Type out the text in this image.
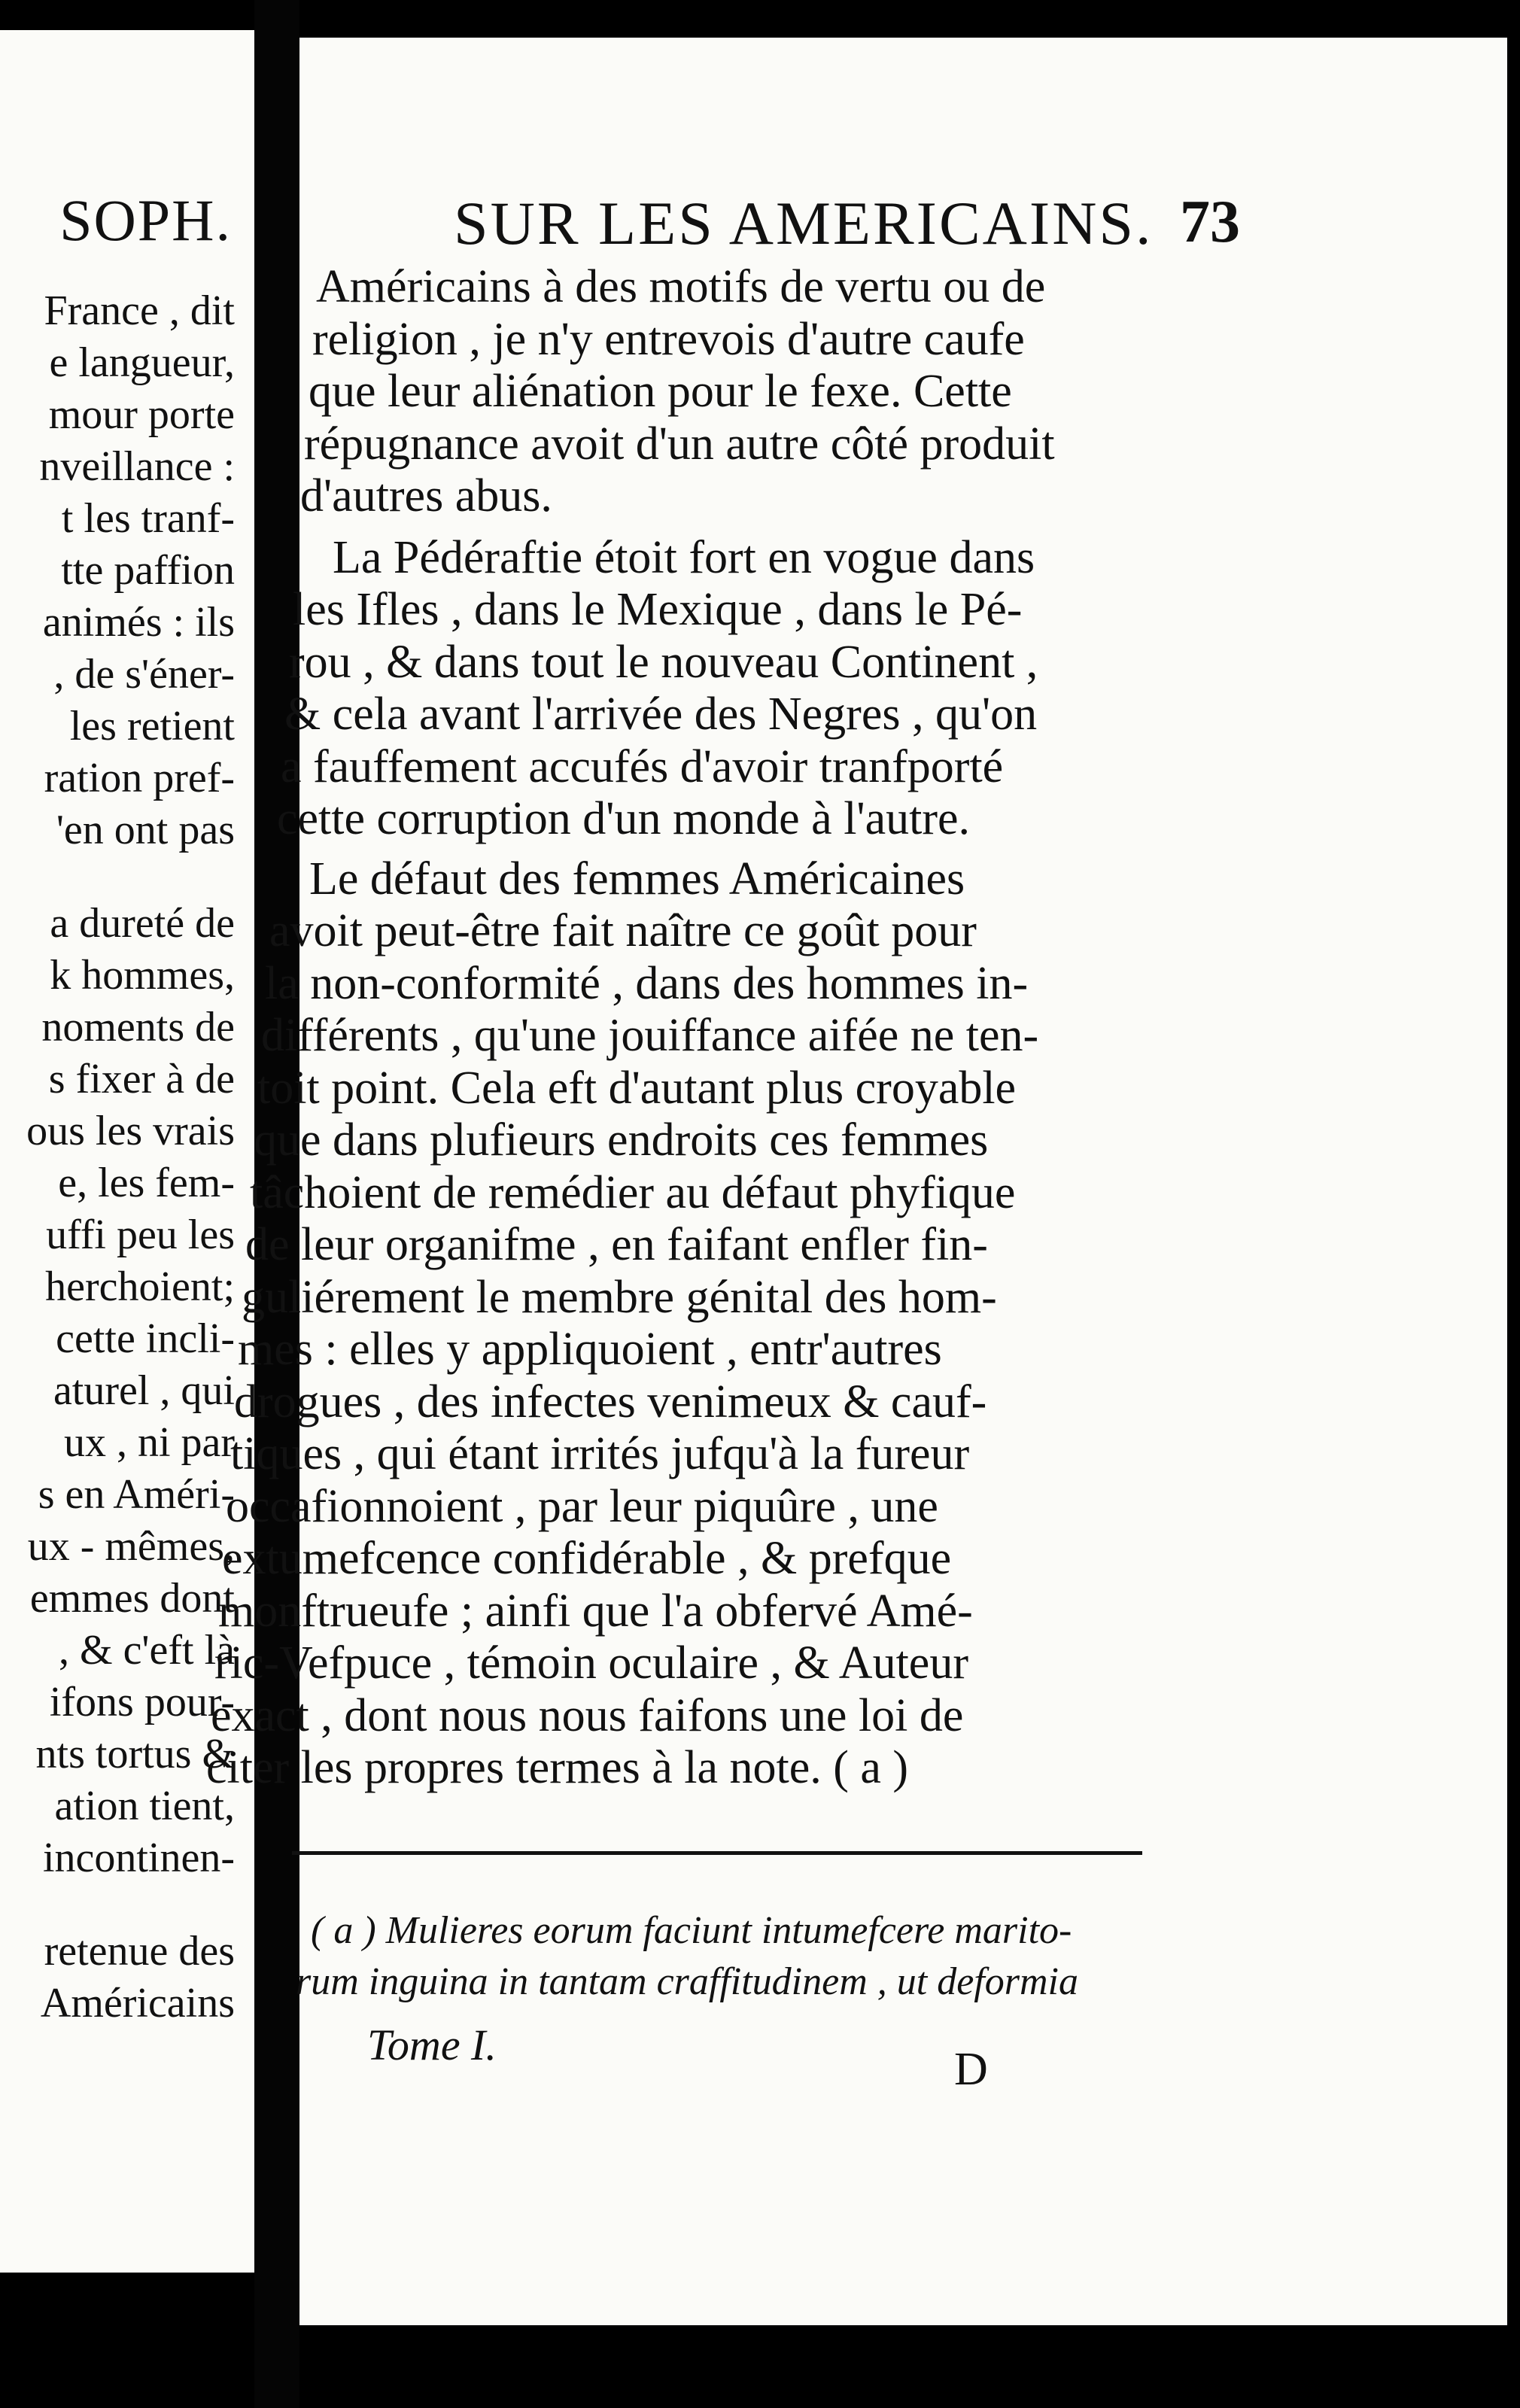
SOPH.
France , dit
e langueur,
mour porte
nveillance :
t les tranf-
tte paffion
animés : ils
, de s'éner-
les retient
ration pref-
'en ont pas
a dureté de
k hommes,
noments de
s fixer à de
ous les vrais
e, les fem-
uffi peu les
herchoient;
cette incli-
aturel , qui
ux , ni par
s en Améri-
ux - mêmes,
emmes dont
, & c'eft là
ifons pour-
nts tortus &
ation tient,
incontinen-
retenue des
Américains
SUR LES AMERICAINS. 73
Américains à des motifs de vertu ou de
religion , je n'y entrevois d'autre caufe
que leur aliénation pour le fexe. Cette
répugnance avoit d'un autre côté produit
d'autres abus.
La Pédéraftie étoit fort en vogue dans
les Ifles , dans le Mexique , dans le Pé-
rou , & dans tout le nouveau Continent ,
& cela avant l'arrivée des Negres , qu'on
a fauffement accufés d'avoir tranfporté
cette corruption d'un monde à l'autre.
Le défaut des femmes Américaines
avoit peut-être fait naître ce goût pour
la non-conformité , dans des hommes in-
différents , qu'une jouiffance aifée ne ten-
toit point. Cela eft d'autant plus croyable
que dans plufieurs endroits ces femmes
tâchoient de remédier au défaut phyfique
de leur organifme , en faifant enfler fin-
guliérement le membre génital des hom-
mes : elles y appliquoient , entr'autres
drogues , des infectes venimeux & cauf-
tiques , qui étant irrités jufqu'à la fureur
occafionnoient , par leur piquûre , une
extumefcence confidérable , & prefque
monftrueufe ; ainfi que l'a obfervé Amé-
ric-Vefpuce , témoin oculaire , & Auteur
exact , dont nous nous faifons une loi de
citer les propres termes à la note. ( a )
( a ) Mulieres eorum faciunt intumefcere marito-
rum inguina in tantam craffitudinem , ut deformia
Tome I.	D
